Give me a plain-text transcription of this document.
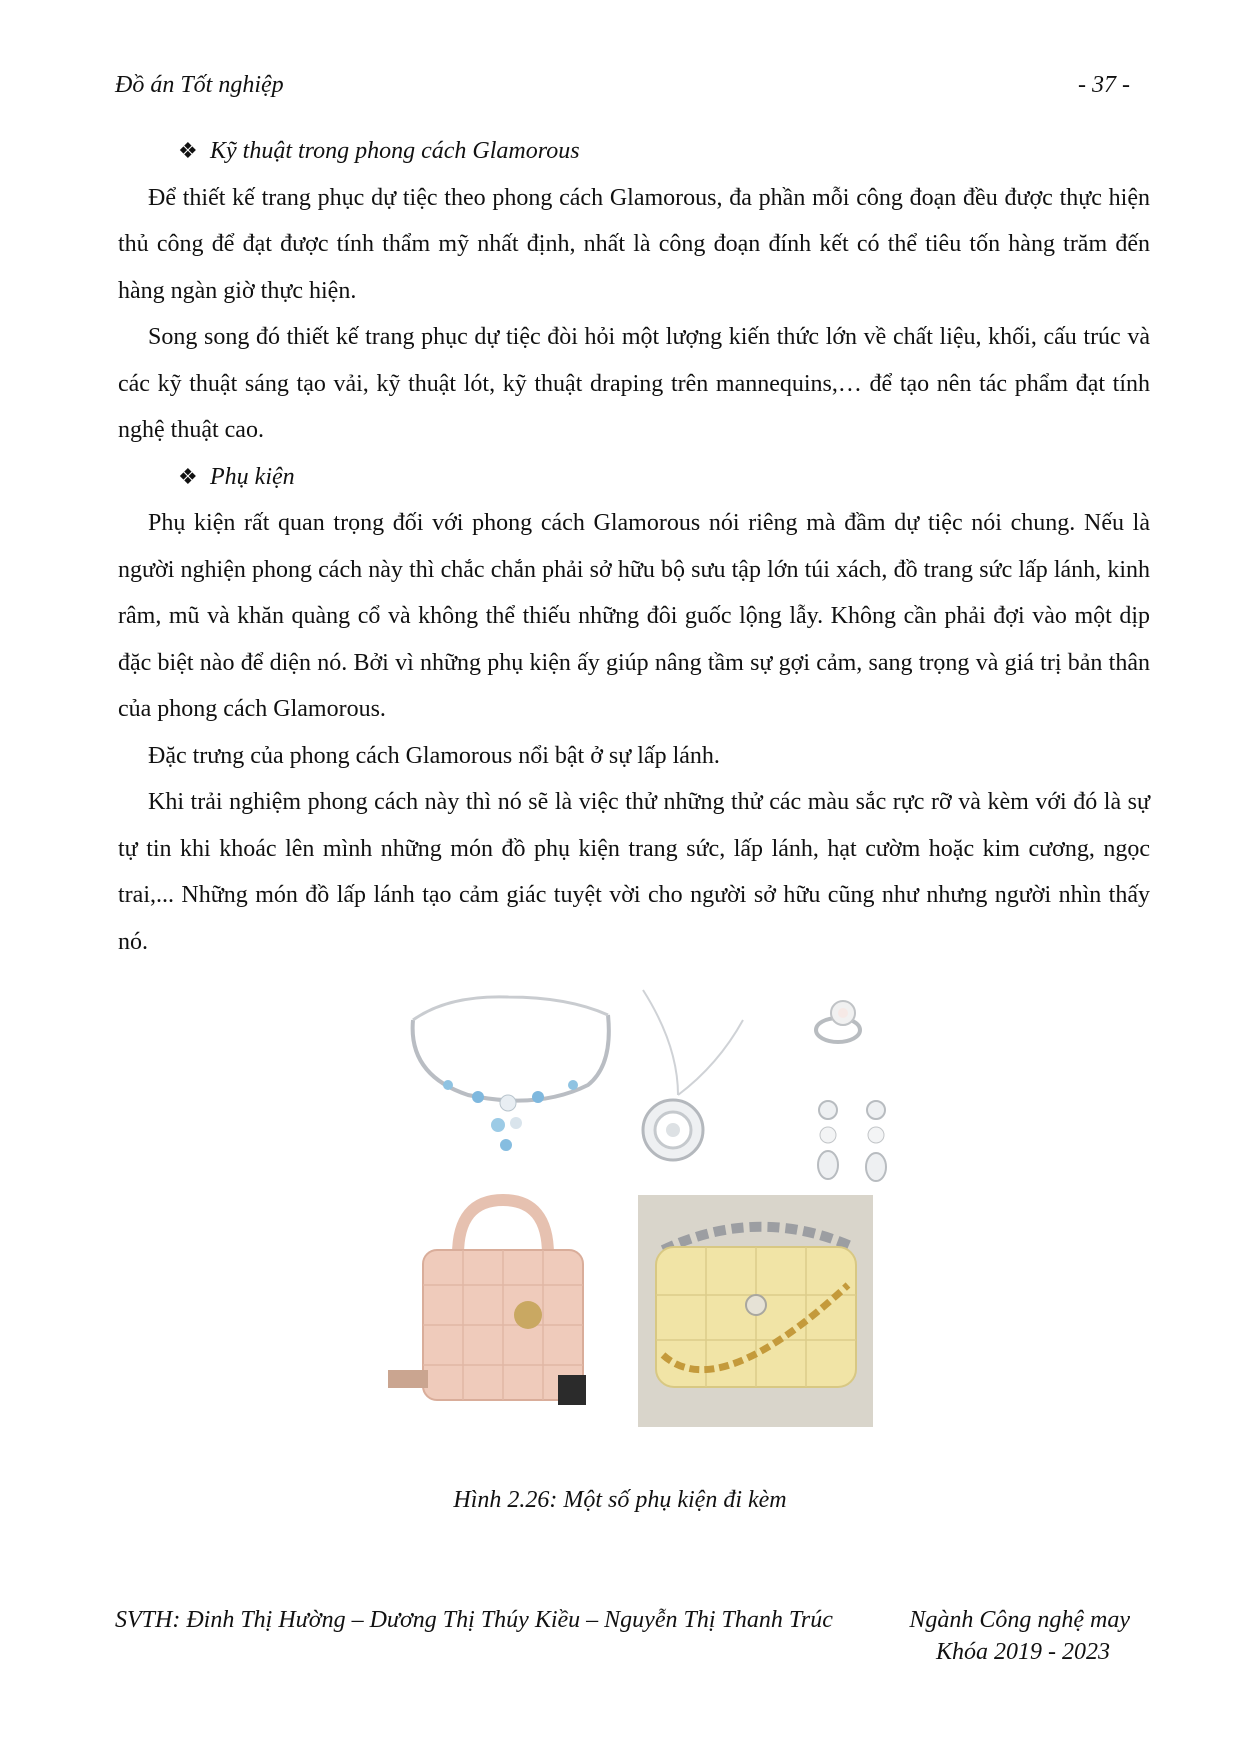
Đồ án Tốt nghiệp	- 37 -

❖ Kỹ thuật trong phong cách Glamorous

Để thiết kế trang phục dự tiệc theo phong cách Glamorous, đa phần mỗi công đoạn đều được thực hiện thủ công để đạt được tính thẩm mỹ nhất định, nhất là công đoạn đính kết có thể tiêu tốn hàng trăm đến hàng ngàn giờ thực hiện.

Song song đó thiết kế trang phục dự tiệc đòi hỏi một lượng kiến thức lớn về chất liệu, khối, cấu trúc và các kỹ thuật sáng tạo vải, kỹ thuật lót, kỹ thuật draping trên mannequins,… để tạo nên tác phẩm đạt tính nghệ thuật cao.

❖ Phụ kiện

Phụ kiện rất quan trọng đối với phong cách Glamorous nói riêng mà đầm dự tiệc nói chung. Nếu là người nghiện phong cách này thì chắc chắn phải sở hữu bộ sưu tập lớn túi xách, đồ trang sức lấp lánh, kinh râm, mũ và khăn quàng cổ và không thể thiếu những đôi guốc lộng lẫy. Không cần phải đợi vào một dịp đặc biệt nào để diện nó. Bởi vì những phụ kiện ấy giúp nâng tầm sự gợi cảm, sang trọng và giá trị bản thân của phong cách Glamorous.

Đặc trưng của phong cách Glamorous nổi bật ở sự lấp lánh.

Khi trải nghiệm phong cách này thì nó sẽ là việc thử những thử các màu sắc rực rỡ và kèm với đó là sự tự tin khi khoác lên mình những món đồ phụ kiện trang sức, lấp lánh, hạt cườm hoặc kim cương, ngọc trai,... Những món đồ lấp lánh tạo cảm giác tuyệt vời cho người sở hữu cũng như nhưng người nhìn thấy nó.

Hình 2.26: Một số phụ kiện đi kèm
SVTH: Đinh Thị Hường – Dương Thị Thúy Kiều – Nguyễn Thị Thanh Trúc	Ngành Công nghệ may
Khóa 2019 - 2023
